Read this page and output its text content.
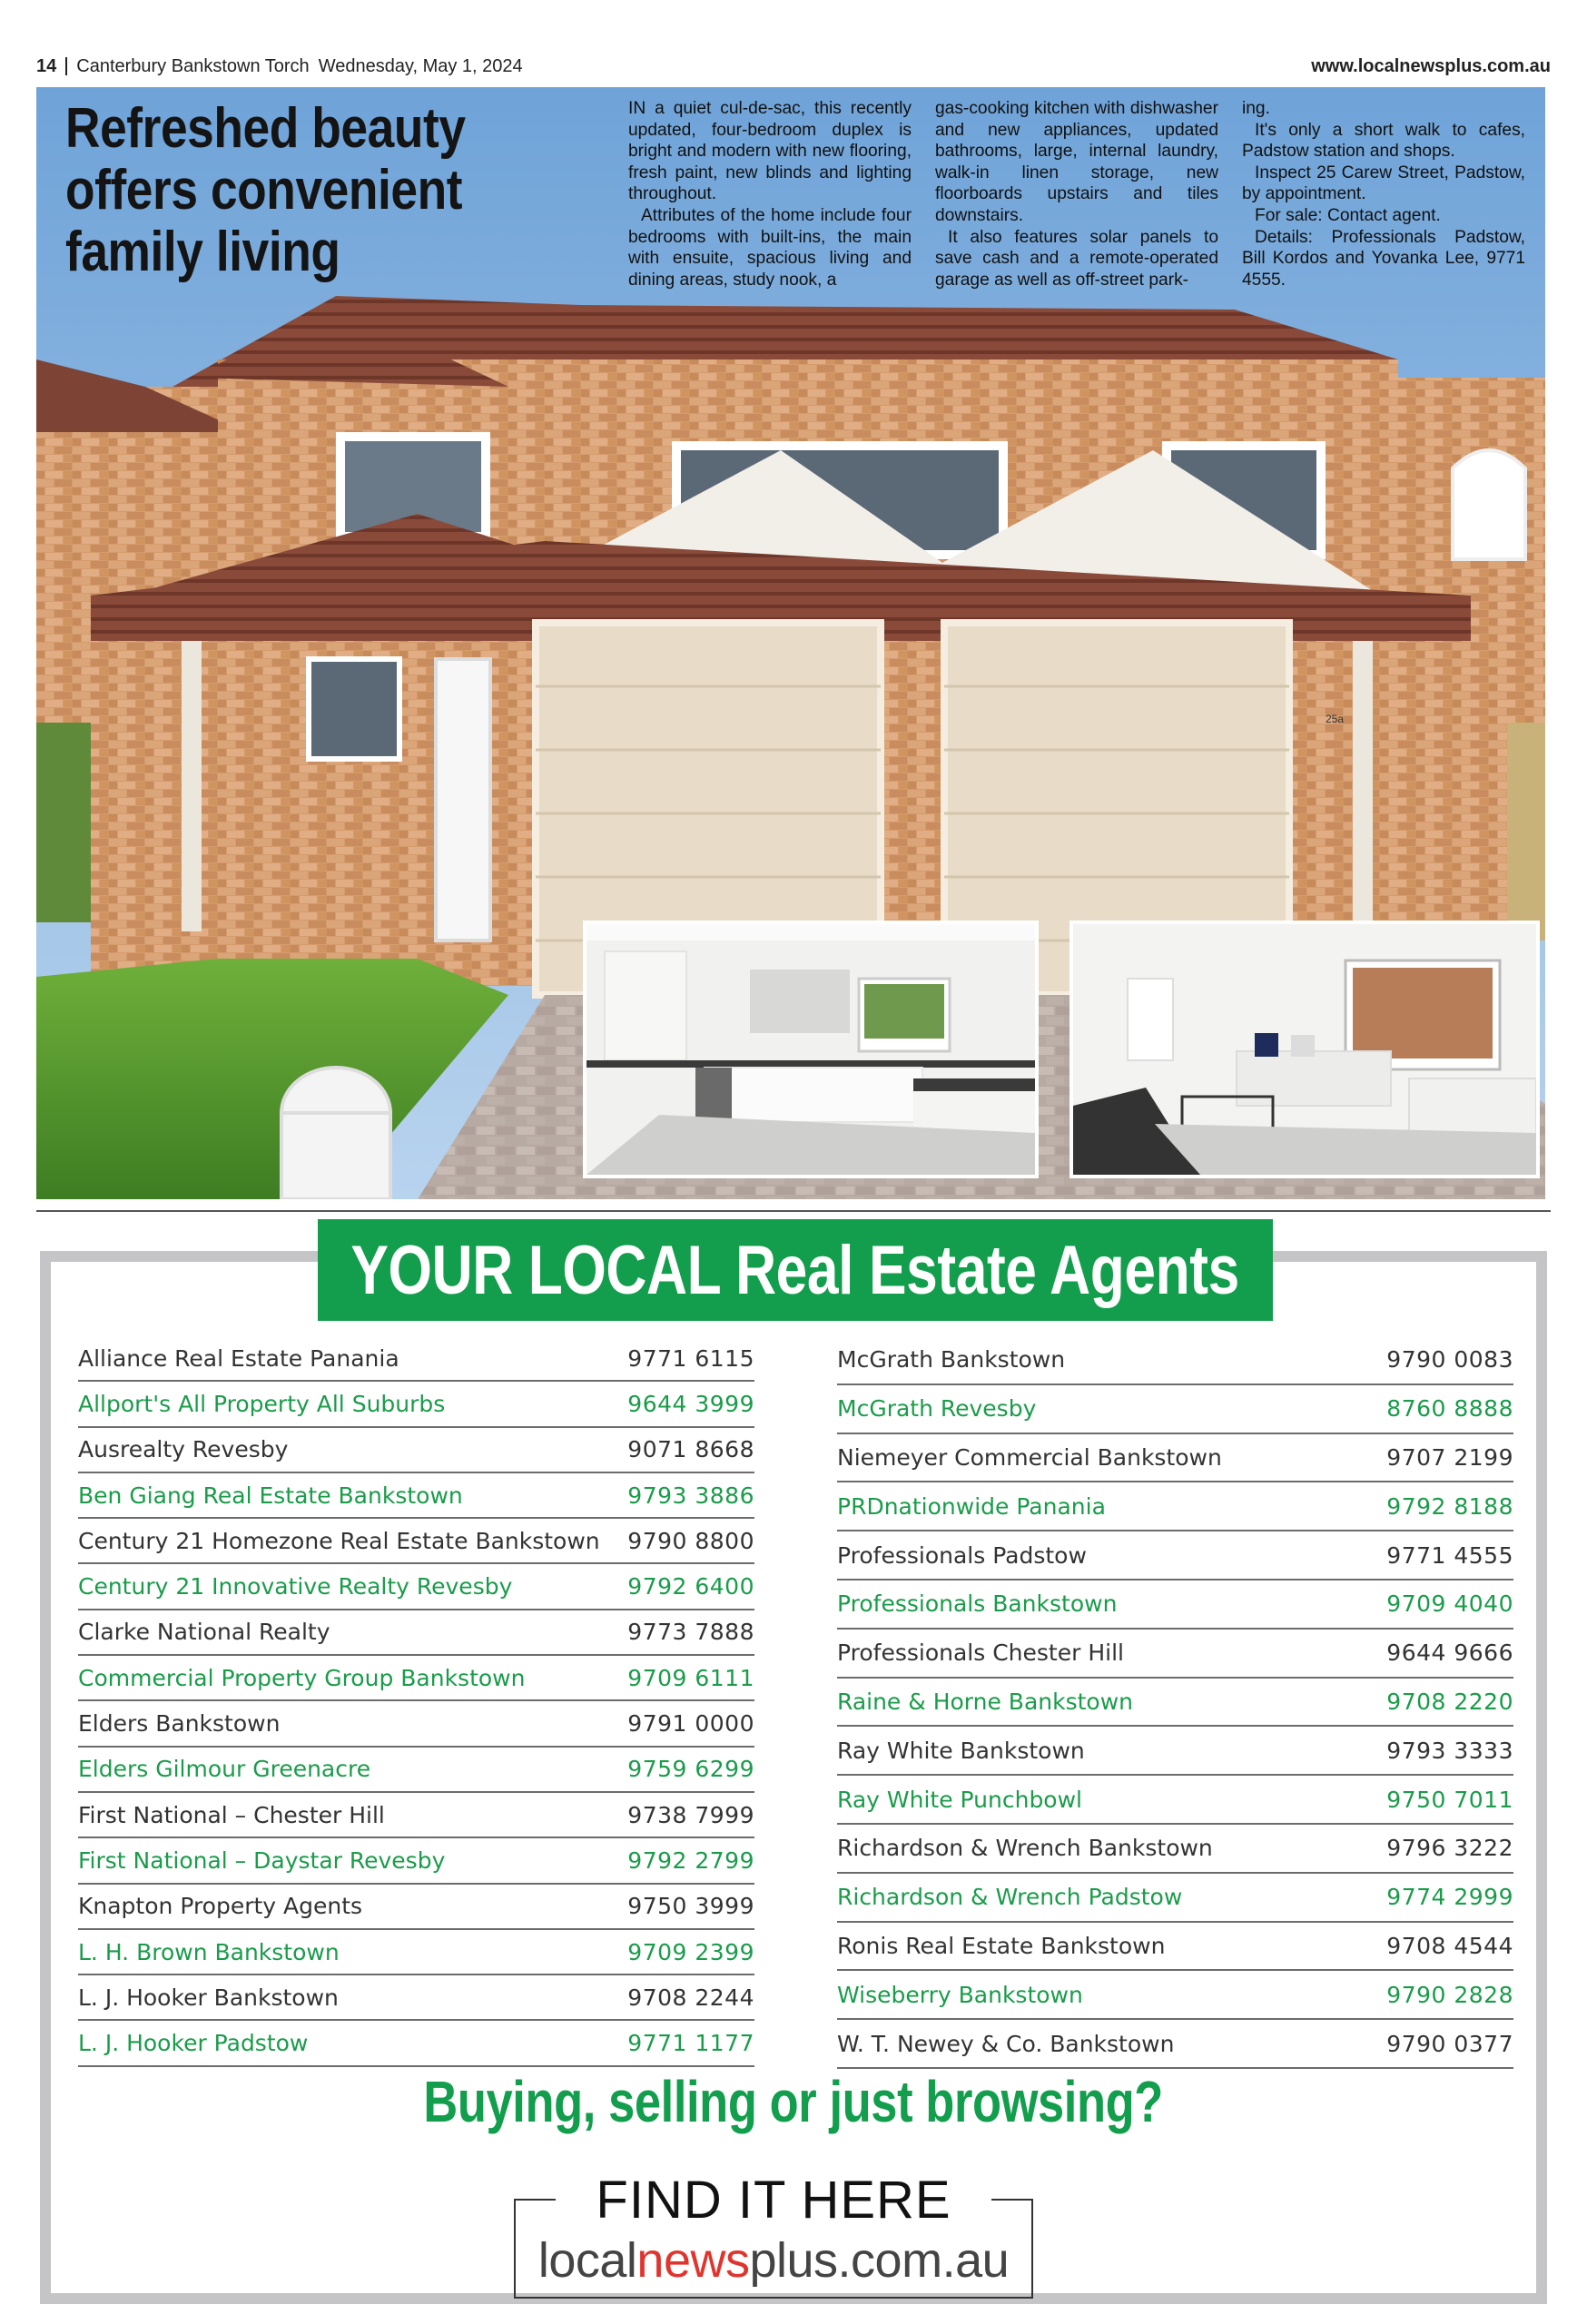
14 Canterbury Bankstown Torch Wednesday, May 1, 2024	www.localnewsplus.com.au
25a
Refreshed beauty offers convenient family living

IN a quiet cul-de-sac, this recently updated, four-bedroom duplex is bright and modern with new flooring, fresh paint, new blinds and lighting throughout.

Attributes of the home include four bedrooms with built-ins, the main with ensuite, spacious living and dining areas, study nook, a

gas-cooking kitchen with dishwasher and new appliances, updated bathrooms, large, internal laundry, walk-in linen storage, new floorboards upstairs and tiles downstairs.

It also features solar panels to save cash and a remote-operated garage as well as off-street park-

ing.

It's only a short walk to cafes, Padstow station and shops.

Inspect 25 Carew Street, Padstow, by appointment.

For sale: Contact agent.

Details: Professionals Padstow, Bill Kordos and Yovanka Lee, 9771 4555.

YOUR LOCAL Real Estate Agents
Alliance Real Estate Panania	9771 6115
Allport's All Property All Suburbs	9644 3999
Ausrealty Revesby	9071 8668
Ben Giang Real Estate Bankstown	9793 3886
Century 21 Homezone Real Estate Bankstown 9790 8800
Century 21 Innovative Realty Revesby	9792 6400
Clarke National Realty	9773 7888
Commercial Property Group Bankstown	9709 6111
Elders Bankstown	9791 0000
Elders Gilmour Greenacre	9759 6299
First National – Chester Hill	9738 7999
First National – Daystar Revesby	9792 2799
Knapton Property Agents	9750 3999
L. H. Brown Bankstown	9709 2399
L. J. Hooker Bankstown	9708 2244
L. J. Hooker Padstow	9771 1177
McGrath Bankstown	9790 0083
McGrath Revesby	8760 8888
Niemeyer Commercial Bankstown	9707 2199
PRDnationwide Panania	9792 8188
Professionals Padstow	9771 4555
Professionals Bankstown	9709 4040
Professionals Chester Hill	9644 9666
Raine & Horne Bankstown	9708 2220
Ray White Bankstown	9793 3333
Ray White Punchbowl	9750 7011
Richardson & Wrench Bankstown	9796 3222
Richardson & Wrench Padstow	9774 2999
Ronis Real Estate Bankstown	9708 4544
Wiseberry Bankstown	9790 2828
W. T. Newey & Co. Bankstown	9790 0377
Buying, selling or just browsing?
FIND IT HERE
localnewsplus.com.au
